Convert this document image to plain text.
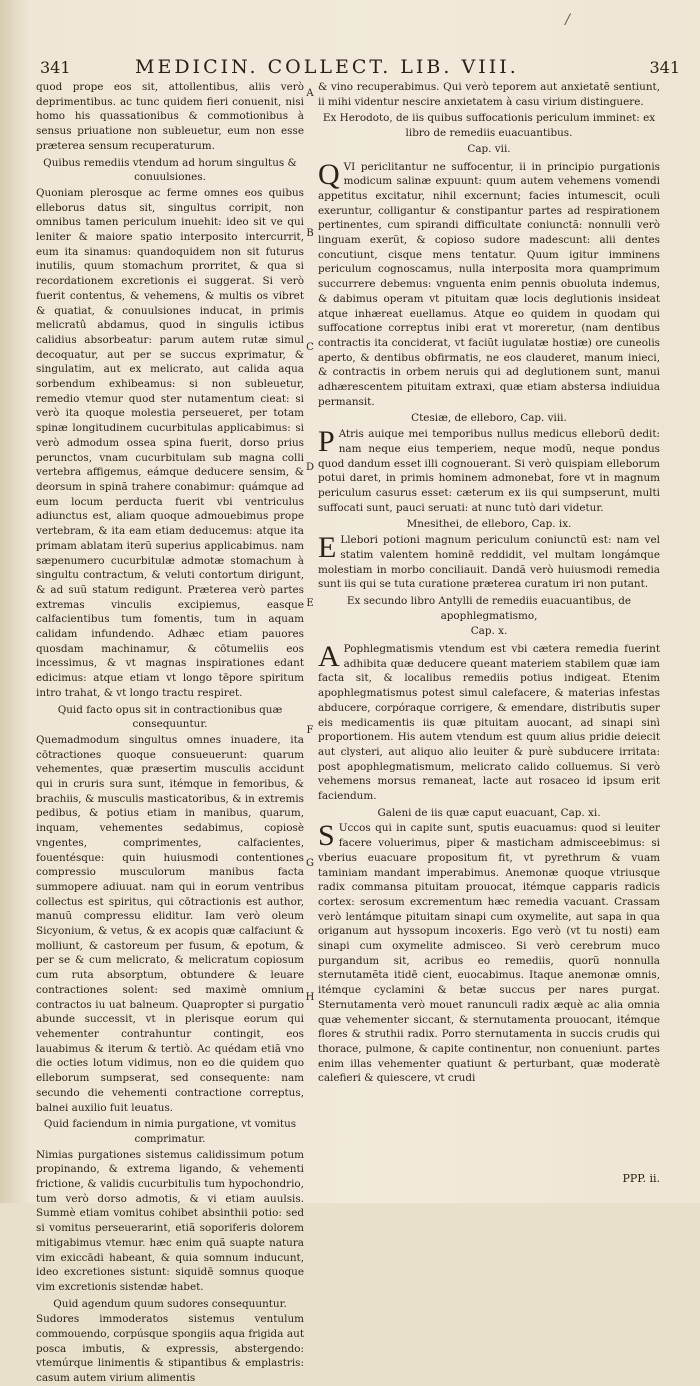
/
341	MEDICIN. COLLECT. LIB. VIII.	341

quod prope eos sit, attollentibus, aliis verò deprimentibus. ac tunc quidem fieri conuenit, nisi homo his quassationibus & commotionibus à sensus priuatione non subleuetur, eum non esse præterea sensum recuperaturum.

Quibus remediis vtendum ad horum singultus & conuulsiones.

Quoniam plerosque ac ferme omnes eos quibus elleborus datus sit, singultus corripit, non omnibus tamen periculum inuehit: ideo sit ve qui leniter & maiore spatio interposito intercurrit, eum ita sinamus: quandoquidem non sit futurus inutilis, quum stomachum prorritet, & qua si recordationem excretionis ei suggerat. Si verò fuerit contentus, & vehemens, & multis os vibret & quatiat, & conuulsiones inducat, in primis melicratû abdamus, quod in singulis ictibus calidius absorbeatur: parum autem rutæ simul decoquatur, aut per se succus exprimatur, & singulatim, aut ex melicrato, aut calida aqua sorbendum exhibeamus: si non subleuetur, remedio vtemur quod ster nutamentum cieat: si verò ita quoque molestia perseueret, per totam spinæ longitudinem cucurbitulas applicabimus: si verò admodum ossea spina fuerit, dorso prius perunctos, vnam cucurbitulam sub magna colli vertebra affigemus, eámque deducere sensim, & deorsum in spinã trahere conabimur: quámque ad eum locum perducta fuerit vbi ventriculus adiunctus est, aliam quoque admouebimus prope vertebram, & ita eam etiam deducemus: atque ita primam ablatam iterũ superius applicabimus. nam sæpenumero cucurbitulæ admotæ stomachum à singultu contractum, & veluti contortum dirigunt, & ad suũ statum redigunt. Præterea verò partes extremas vinculis excipiemus, easque calfacientibus tum fomentis, tum in aquam calidam infundendo. Adhæc etiam pauores quosdam machinamur, & cōtumeliis eos incessimus, & vt magnas inspirationes edant edicimus: atque etiam vt longo tēpore spiritum intro trahat, & vt longo tractu respiret.

Quid facto opus sit in contractionibus quæ consequuntur.

Quemadmodum singultus omnes inuadere, ita cōtractiones quoque consueuerunt: quarum vehementes, quæ præsertim musculis accidunt qui in cruris sura sunt, itémque in femoribus, & brachiis, & musculis masticatoribus, & in extremis pedibus, & potius etiam in manibus, quarum, inquam, vehementes sedabimus, copiosè vngentes, comprimentes, calfacientes, fouentésque: quin huiusmodi contentiones compressio musculorum manibus facta summopere adiuuat. nam qui in eorum ventribus collectus est spiritus, qui cōtractionis est author, manuũ compressu eliditur. Iam verò oleum Sicyonium, & vetus, & ex acopis quæ calfaciunt & molliunt, & castoreum per fusum, & epotum, & per se & cum melicrato, & melicratum copiosum cum ruta absorptum, obtundere & leuare contractiones solent: sed maximè omnium contractos iu uat balneum. Quapropter si purgatio abunde successit, vt in plerisque eorum qui vehementer contrahuntur contingit, eos lauabimus & iterum & tertiò. Ac quédam etiã vno die octies lotum vidimus, non eo die quidem quo elleborum sumpserat, sed consequente: nam secundo die vehementi contractione correptus, balnei auxilio fuit leuatus.

Quid faciendum in nimia purgatione, vt vomitus comprimatur.

Nimias purgationes sistemus calidissimum potum propinando, & extrema ligando, & vehementi frictione, & validis cucurbitulis tum hypochondrio, tum verò dorso admotis, & vi etiam auulsis. Summè etiam vomitus cohibet absinthii potio: sed si vomitus perseuerarint, etiã soporiferis dolorem mitigabimus vtemur. hæc enim quã suapte natura vim exiccādi habeant, & quia somnum inducunt, ideo excretiones sistunt: siquidē somnus quoque vim excretionis sistendæ habet.

Quid agendum quum sudores consequuntur.

Sudores immoderatos sistemus ventulum commouendo, corpúsque spongiis aqua frigida aut posca imbutis, & expressis, abstergendo: vtemúrque linimentis & stipantibus & emplastris: casum autem virium alimentis

A
B
C
D
E
F
G
H

& vino recuperabimus. Qui verò teporem aut anxietatẽ sentiunt, ii mihi videntur nescire anxietatem à casu virium distinguere.

Ex Herodoto, de iis quibus suffocationis periculum imminet: ex libro de remediis euacuantibus.
Cap. vii.

QVI periclitantur ne suffocentur, ii in principio purgationis modicum salinæ expuunt: quum autem vehemens vomendi appetitus excitatur, nihil excernunt; facies intumescit, oculi exeruntur, colligantur & constipantur partes ad respirationem pertinentes, cum spirandi difficultate coniunctã: nonnulli verò linguam exerũt, & copioso sudore madescunt: alii dentes concutiunt, cisque mens tentatur. Quum igitur imminens periculum cognoscamus, nulla interposita mora quamprimum succurrere debemus: vnguenta enim pennis obuoluta indemus, & dabimus operam vt pituitam quæ locis deglutionis insideat atque inhæreat euellamus. Atque eo quidem in quodam qui suffocatione correptus inibi erat vt moreretur, (nam dentibus contractis ita conciderat, vt faciũt iugulatæ hostiæ) ore cuneolis aperto, & dentibus obfirmatis, ne eos clauderet, manum inieci, & contractis in orbem neruis qui ad deglutionem sunt, manui adhærescentem pituitam extraxi, quæ etiam abstersa indiuidua permansit.

Ctesiæ, de elleboro, Cap. viii.

P Atris auique mei temporibus nullus medicus elleborũ dedit: nam neque eius temperiem, neque modũ, neque pondus quod dandum esset illi cognouerant. Si verò quispiam elleborum potui daret, in primis hominem admonebat, fore vt in magnum periculum casurus esset: cæterum ex iis qui sumpserunt, multi suffocati sunt, pauci seruati: at nunc tutò dari videtur.

Mnesithei, de elleboro, Cap. ix.

E Llebori potioni magnum periculum coniunctũ est: nam vel statim valentem hominē reddidit, vel multam longámque molestiam in morbo conciliauit. Dandã verò huiusmodi remedia sunt iis qui se tuta curatione præterea curatum iri non putant.

Ex secundo libro Antylli de remediis euacuantibus, de apophlegmatismo,
Cap. x.

A Pophlegmatismis vtendum est vbi cætera remedia fuerint adhibita quæ deducere queant materiem stabilem quæ iam facta sit, & localibus remediis potius indigeat. Etenim apophlegmatismus potest simul calefacere, & materias infestas abducere, corpóraque corrigere, & emendare, distributis super eis medicamentis iis quæ pituitam auocant, ad sinapi sinì proportionem. His autem vtendum est quum alius pridie deiecit aut clysteri, aut aliquo alio leuiter & purè subducere irritata: post apophlegmatismum, melicrato calido colluemus. Si verò vehemens morsus remaneat, lacte aut rosaceo id ipsum erit faciendum.

Galeni de iis quæ caput euacuant, Cap. xi.

S Uccos qui in capite sunt, sputis euacuamus: quod si leuiter facere voluerimus, piper & masticham admisceebimus: si vberius euacuare propositum fit, vt pyrethrum & vuam taminiam mandant imperabimus. Anemonæ quoque vtriusque radix commansa pituitam prouocat, itémque capparis radicis cortex: serosum excrementum hæc remedia vacuant. Crassam verò lentámque pituitam sinapi cum oxymelite, aut sapa in qua origanum aut hyssopum incoxeris. Ego verò (vt tu nosti) eam sinapi cum oxymelite admisceo. Si verò cerebrum muco purgandum sit, acribus eo remediis, quorũ nonnulla sternutamẽta itidē cient, euocabimus. Itaque anemonæ omnis, itémque cyclamini & betæ succus per nares purgat. Sternutamenta verò mouet ranunculi radix æquè ac alia omnia quæ vehementer siccant, & sternutamenta prouocant, itémque flores & struthii radix. Porro sternutamenta in succis crudis qui thorace, pulmone, & capite continentur, non conueniunt. partes enim illas vehementer quatiunt & perturbant, quæ moderatè calefieri & quiescere, vt crudi

PPP. ii.
